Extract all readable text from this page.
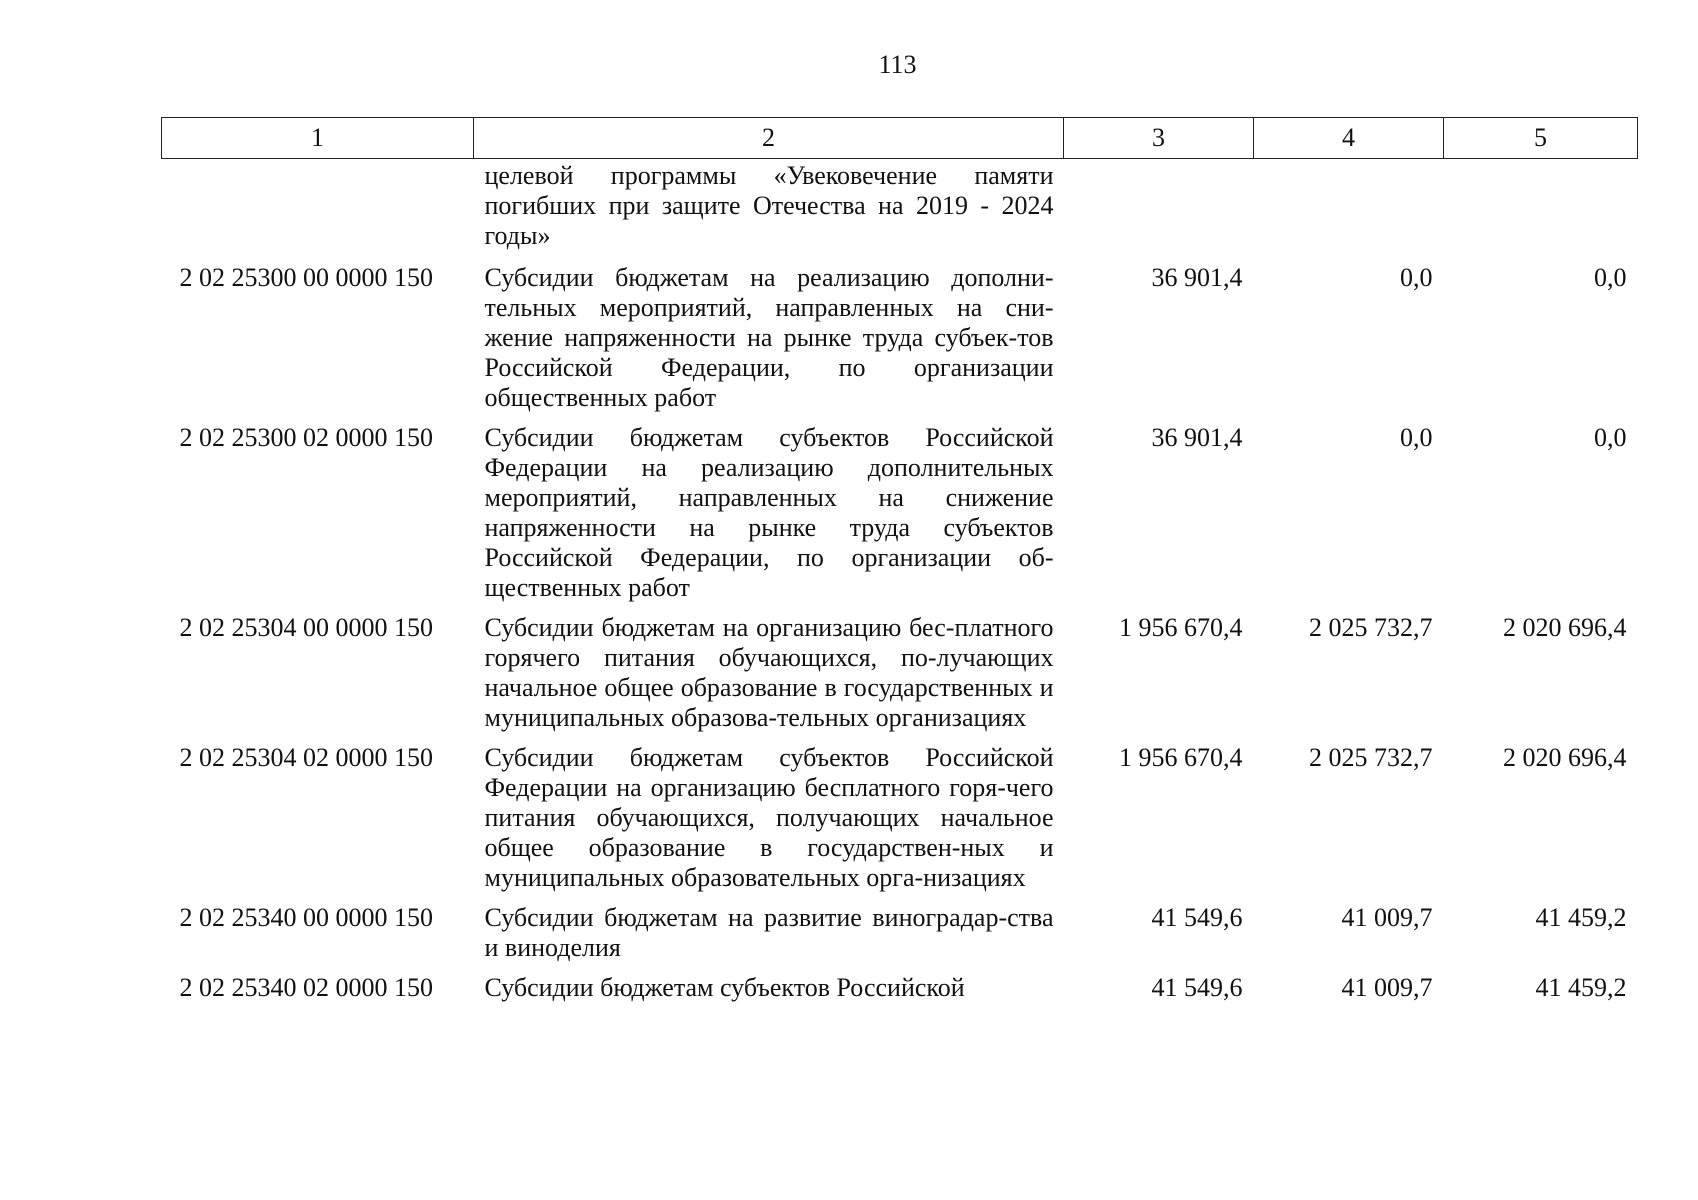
113
1	2	3	4	5
	целевой программы «Увековечение памяти погибших при защите Отечества на 2019 - 2024 годы»			
2 02 25300 00 0000 150	Субсидии бюджетам на реализацию дополни-тельных мероприятий, направленных на сни-жение напряженности на рынке труда субъек-тов Российской Федерации, по организации общественных работ	36 901,4	0,0	0,0
2 02 25300 02 0000 150	Субсидии бюджетам субъектов Российской Федерации на реализацию дополнительных мероприятий, направленных на снижение напряженности на рынке труда субъектов Российской Федерации, по организации об-щественных работ	36 901,4	0,0	0,0
2 02 25304 00 0000 150	Субсидии бюджетам на организацию бес-платного горячего питания обучающихся, по-лучающих начальное общее образование в государственных и муниципальных образова-тельных организациях	1 956 670,4	2 025 732,7	2 020 696,4
2 02 25304 02 0000 150	Субсидии бюджетам субъектов Российской Федерации на организацию бесплатного горя-чего питания обучающихся, получающих начальное общее образование в государствен-ных и муниципальных образовательных орга-низациях	1 956 670,4	2 025 732,7	2 020 696,4
2 02 25340 00 0000 150	Субсидии бюджетам на развитие виноградар-ства и виноделия	41 549,6	41 009,7	41 459,2
2 02 25340 02 0000 150	Субсидии бюджетам субъектов Российской	41 549,6	41 009,7	41 459,2
